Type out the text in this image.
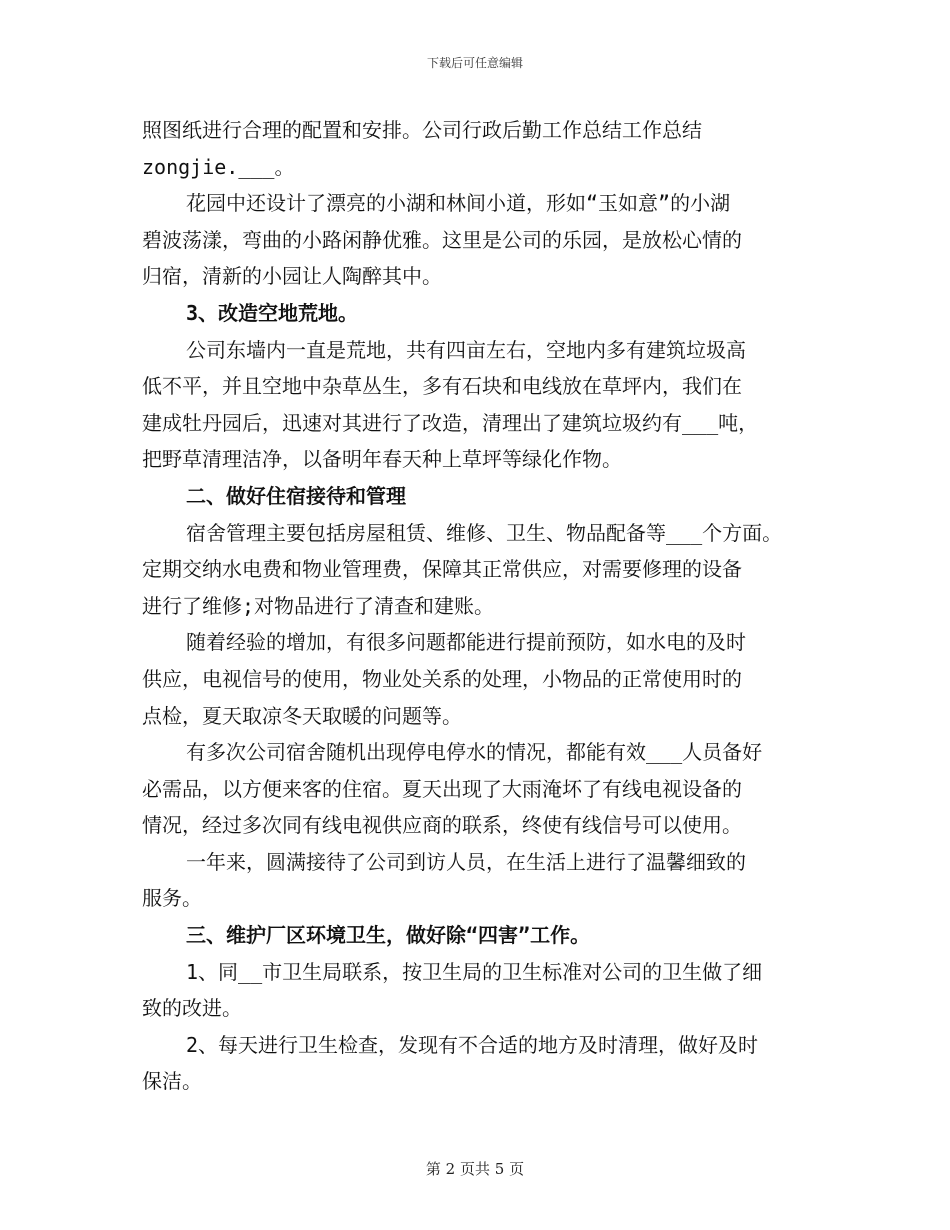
下载后可任意编辑
照图纸进行合理的配置和安排。公司行政后勤工作总结工作总结
zongjie.___。
花园中还设计了漂亮的小湖和林间小道，形如“玉如意”的小湖
碧波荡漾，弯曲的小路闲静优雅。这里是公司的乐园，是放松心情的
归宿，清新的小园让人陶醉其中。
3、改造空地荒地。
公司东墙内一直是荒地，共有四亩左右，空地内多有建筑垃圾高
低不平，并且空地中杂草丛生，多有石块和电线放在草坪内，我们在
建成牡丹园后，迅速对其进行了改造，清理出了建筑垃圾约有___吨，
把野草清理洁净，以备明年春天种上草坪等绿化作物。
二、做好住宿接待和管理
宿舍管理主要包括房屋租赁、维修、卫生、物品配备等___个方面。
定期交纳水电费和物业管理费，保障其正常供应，对需要修理的设备
进行了维修;对物品进行了清查和建账。
随着经验的增加，有很多问题都能进行提前预防，如水电的及时
供应，电视信号的使用，物业处关系的处理，小物品的正常使用时的
点检，夏天取凉冬天取暖的问题等。
有多次公司宿舍随机出现停电停水的情况，都能有效___人员备好
必需品，以方便来客的住宿。夏天出现了大雨淹坏了有线电视设备的
情况，经过多次同有线电视供应商的联系，终使有线信号可以使用。
一年来，圆满接待了公司到访人员，在生活上进行了温馨细致的
服务。
三、维护厂区环境卫生，做好除“四害”工作。
1、同__市卫生局联系，按卫生局的卫生标准对公司的卫生做了细
致的改进。
2、每天进行卫生检查，发现有不合适的地方及时清理，做好及时
保洁。
第 2 页共 5 页
